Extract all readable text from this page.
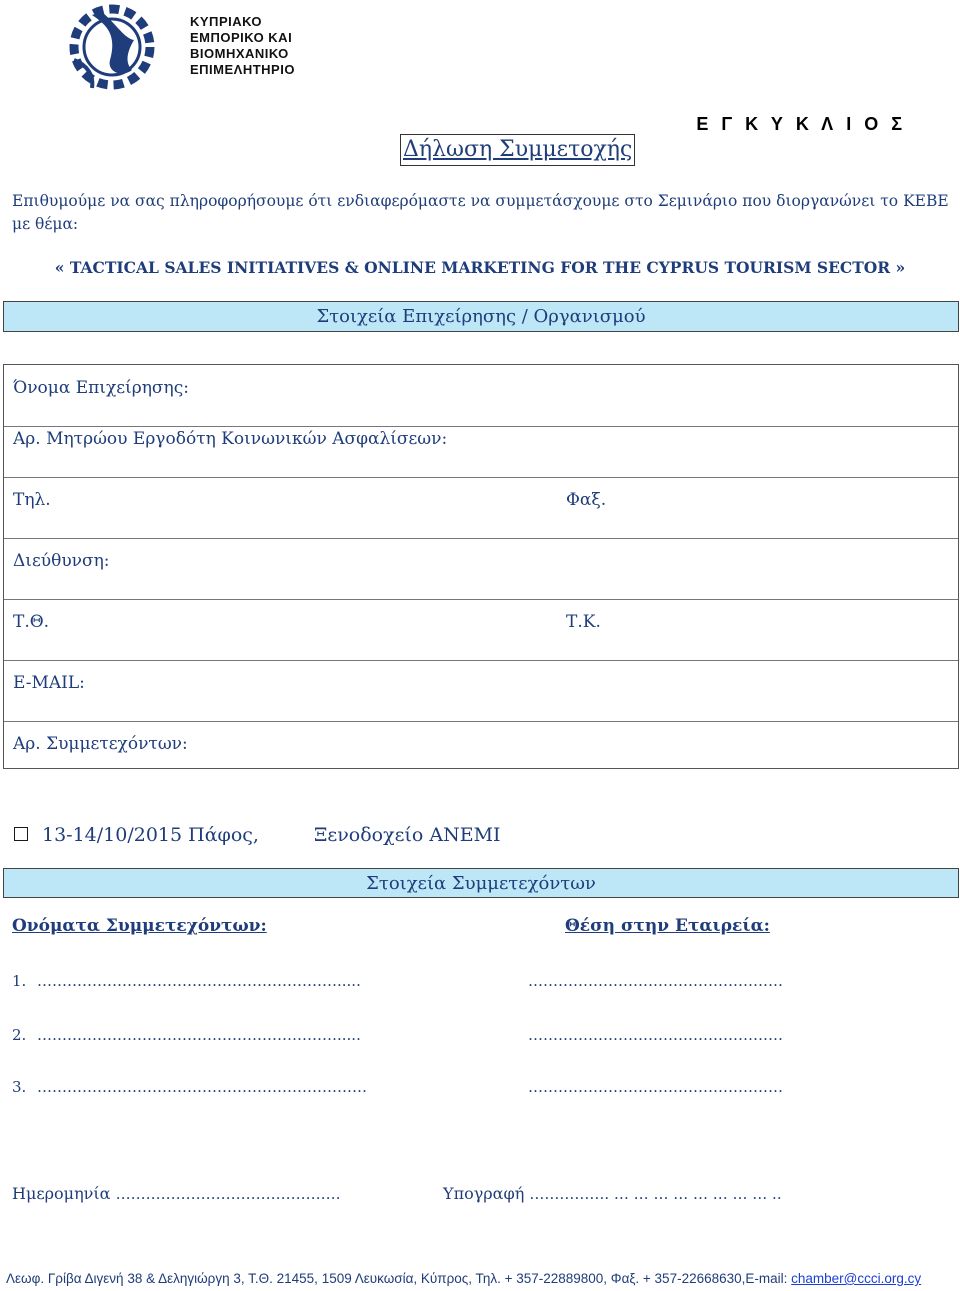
ΚΥΠΡΙΑΚΟ
ΕΜΠΟΡΙΚΟ ΚΑΙ
ΒΙΟΜΗΧΑΝΙΚΟ
ΕΠΙΜΕΛΗΤΗΡΙΟ
Ε Γ Κ Υ Κ Λ Ι Ο Σ
Δήλωση Συμμετοχής
Επιθυμούμε να σας πληροφορήσουμε ότι ενδιαφερόμαστε να συμμετάσχουμε στο Σεμινάριο που διοργανώνει το ΚΕΒΕ με θέμα:
« TACTICAL SALES INITIATIVES & ONLINE MARKETING FOR THE CYPRUS TOURISM SECTOR »
Στοιχεία Επιχείρησης / Οργανισμού
Όνομα Επιχείρησης:
Αρ. Μητρώου Εργοδότη Κοινωνικών Ασφαλίσεων:
Τηλ.	Φαξ.
Διεύθυνση:
Τ.Θ.	Τ.Κ.
E-MAIL:
Αρ. Συμμετεχόντων:
13-14/10/2015 Πάφος,	Ξενοδοχείο ΑΝΕΜΙ
Στοιχεία Συμμετεχόντων
Ονόματα Συμμετεχόντων:	Θέση στην Εταιρεία:
1. …………………………………………………….....	……………………………………………
2. …………………………………………………….....	……………………………………………
3. …………………………………………………………	……………………………………………
Ημερομηνία ………………………………………	Υπογραφή ……………. … … … … … … … … ..
Λεωφ. Γρίβα Διγενή 38 & Δεληγιώργη 3, Τ.Θ. 21455, 1509 Λευκωσία, Κύπρος, Τηλ. + 357-22889800, Φαξ. + 357-22668630,E-mail: chamber@ccci.org.cy
